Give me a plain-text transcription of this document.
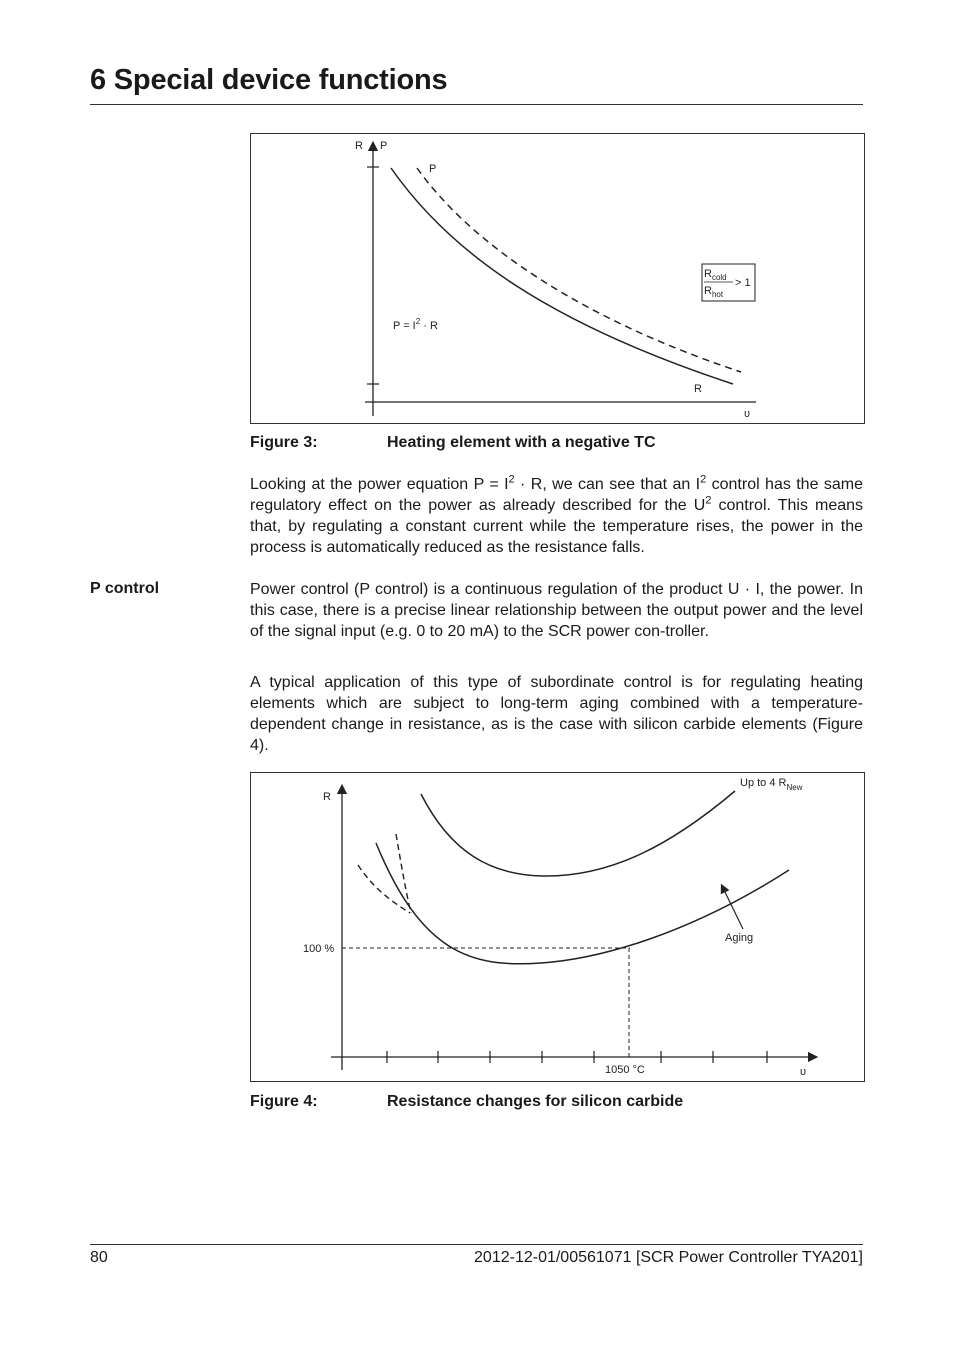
6 Special device functions
R P
P
R
υ
$P = I^2 \cdot R$
$R_{cold}$
$R_{hot}$
> 1
Figure 3:	Heating element with a negative TC

Looking at the power equation $P = I^2 \cdot R$, we can see that an $I^2$ control has the same regulatory effect on the power as already described for the $U^2$ control. This means that, by regulating a constant current while the temperature rises, the power in the process is automatically reduced as the resistance falls.

P control	Power control (P control) is a continuous regulation of the product U · I, the power. In this case, there is a precise linear relationship between the output power and the level of the signal input (e.g. 0 to 20 mA) to the SCR power con-troller.

A typical application of this type of subordinate control is for regulating heating elements which are subject to long-term aging combined with a temperature-dependent change in resistance, as is the case with silicon carbide elements (Figure 4).

R
100 %
1050 °C	υ
Up to 4 $R_{New}$
Aging
Figure 4:	Resistance changes for silicon carbide
80	2012-12-01/00561071 [SCR Power Controller TYA201]
